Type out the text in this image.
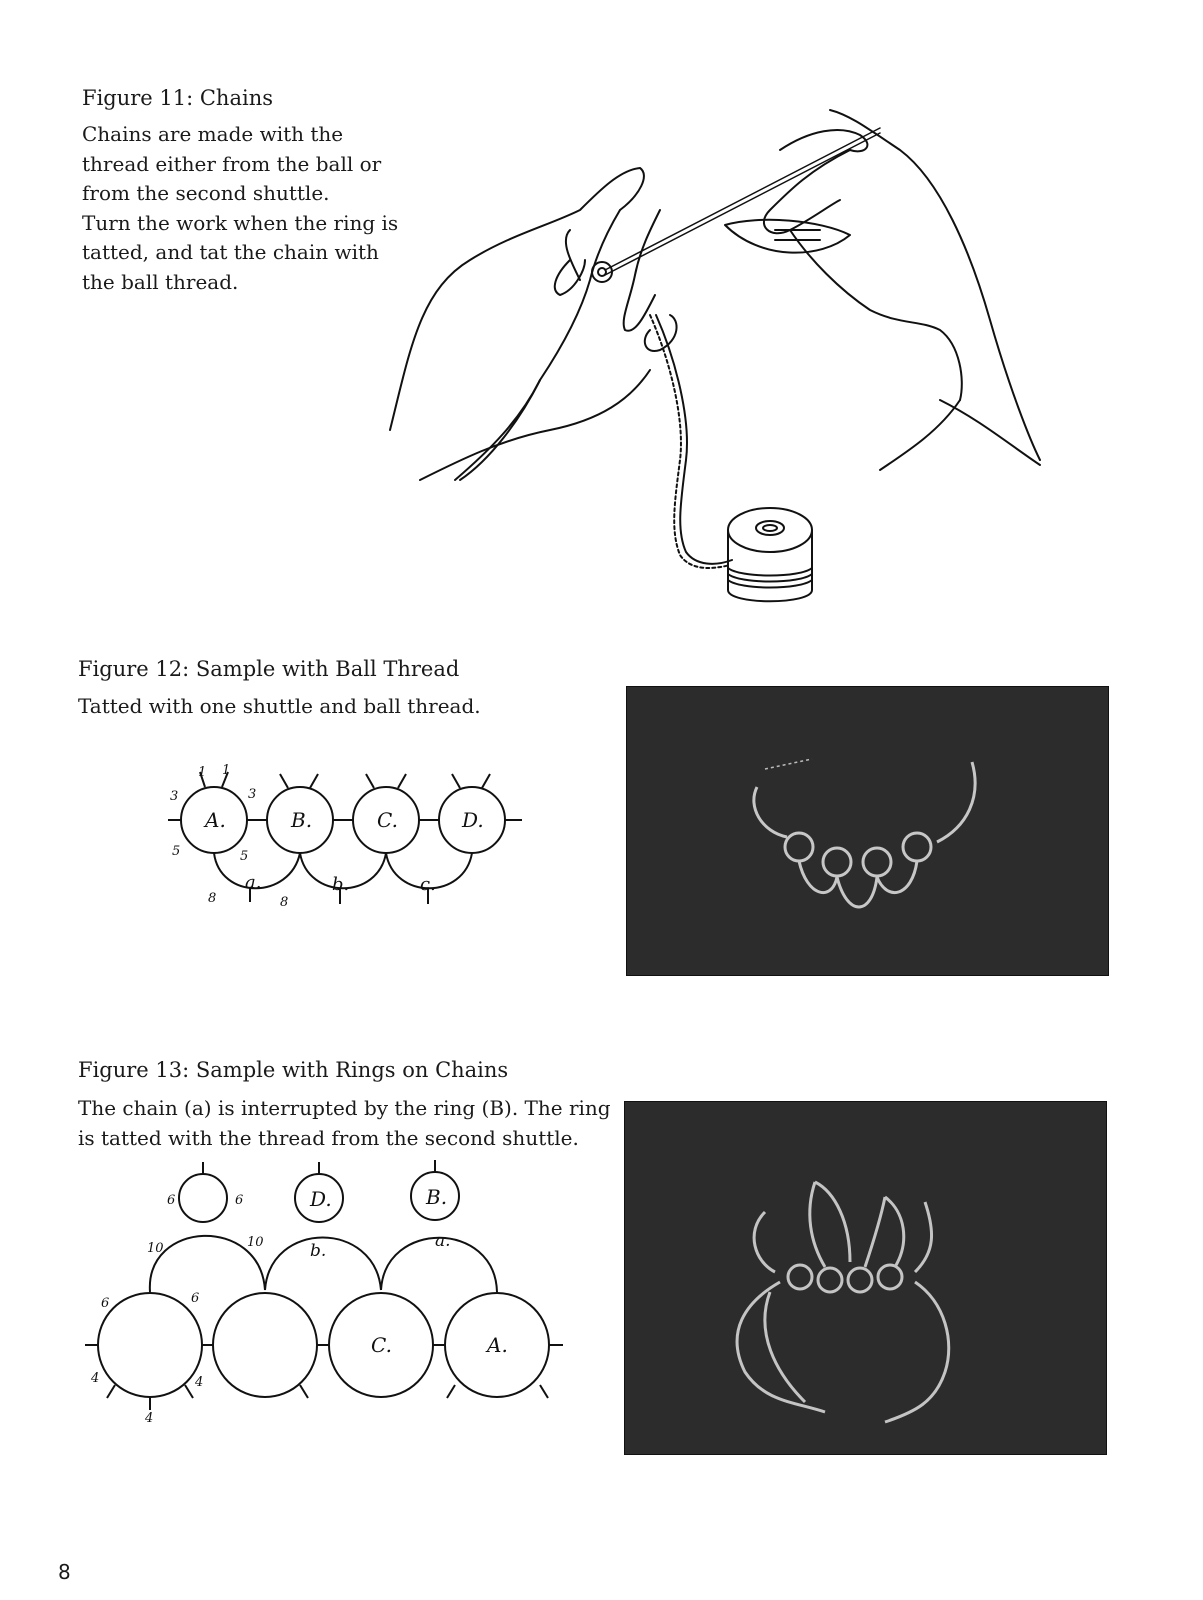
Figure 11: Chains
Chains are made with the
thread either from the ball or
from the second shuttle.
Turn the work when the ring is
tatted, and tat the chain with
the ball thread.
Figure 12: Sample with Ball Thread
Tatted with one shuttle and ball thread.
A.	B.	C.	D.
a.	b.	c.
1 1
3	3
5	5
8	8
Figure 13: Sample with Rings on Chains
The chain (a) is interrupted by the ring (B). The ring
is tatted with the thread from the second shuttle.
D.	B.
C.	A.
b.	a.
6	6
10	10
6	6
4	4
4
8
